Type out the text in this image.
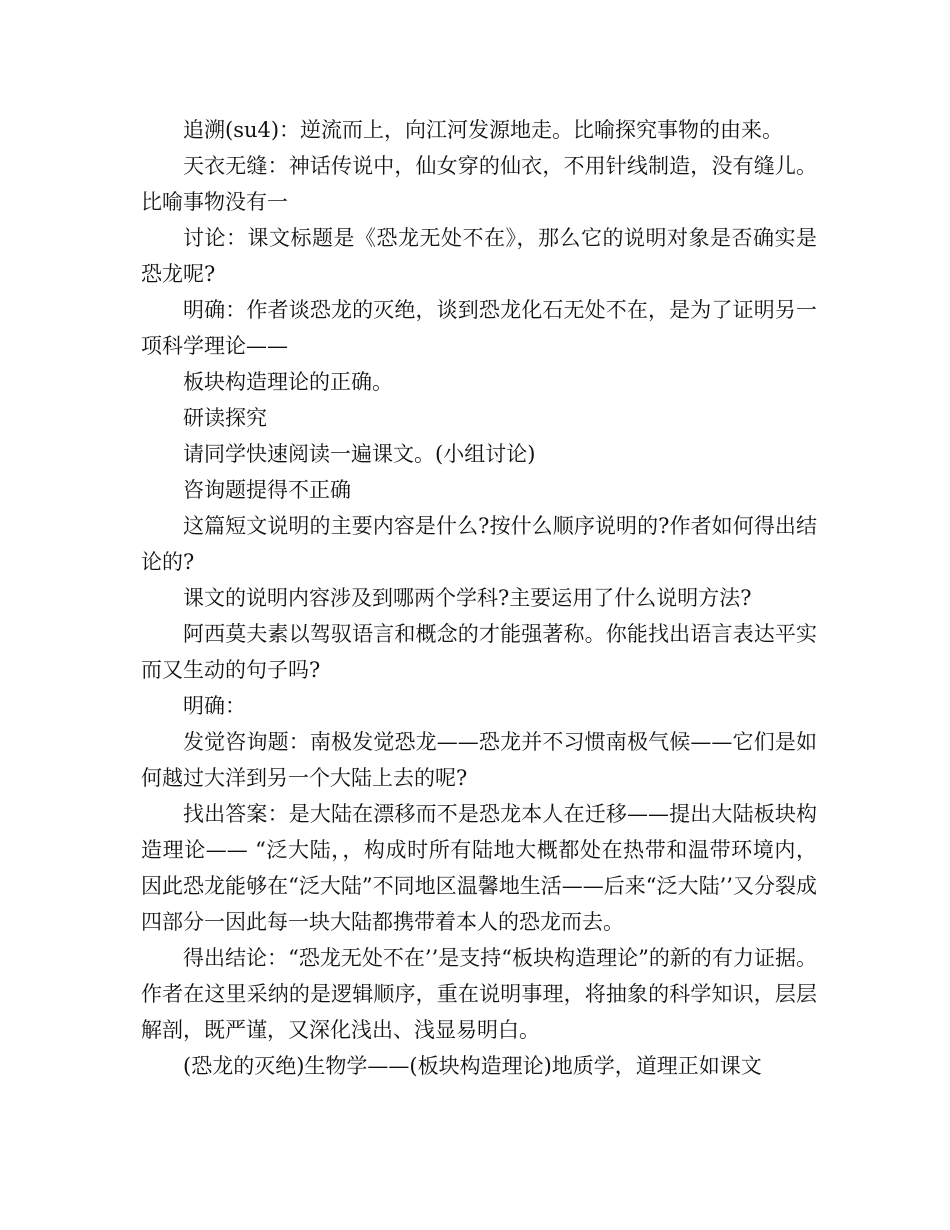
追溯(su4)：逆流而上，向江河发源地走。比喻探究事物的由来。

天衣无缝：神话传说中，仙女穿的仙衣，不用针线制造，没有缝儿。比喻事物没有一

讨论：课文标题是《恐龙无处不在》，那么它的说明对象是否确实是恐龙呢?

明确：作者谈恐龙的灭绝，谈到恐龙化石无处不在，是为了证明另一项科学理论——

板块构造理论的正确。

研读探究

请同学快速阅读一遍课文。(小组讨论)

咨询题提得不正确

这篇短文说明的主要内容是什么?按什么顺序说明的?作者如何得出结论的?

课文的说明内容涉及到哪两个学科?主要运用了什么说明方法?

阿西莫夫素以驾驭语言和概念的才能强著称。你能找出语言表达平实而又生动的句子吗?

明确：

发觉咨询题：南极发觉恐龙——恐龙并不习惯南极气候——它们是如何越过大洋到另一个大陆上去的呢?

找出答案：是大陆在漂移而不是恐龙本人在迁移——提出大陆板块构造理论—— “泛大陆，，构成时所有陆地大概都处在热带和温带环境内，因此恐龙能够在“泛大陆”不同地区温馨地生活——后来“泛大陆’’又分裂成四部分一因此每一块大陆都携带着本人的恐龙而去。

得出结论：“恐龙无处不在’’是支持“板块构造理论”的新的有力证据。作者在这里采纳的是逻辑顺序，重在说明事理，将抽象的科学知识，层层解剖，既严谨，又深化浅出、浅显易明白。

(恐龙的灭绝)生物学——(板块构造理论)地质学，道理正如课文
